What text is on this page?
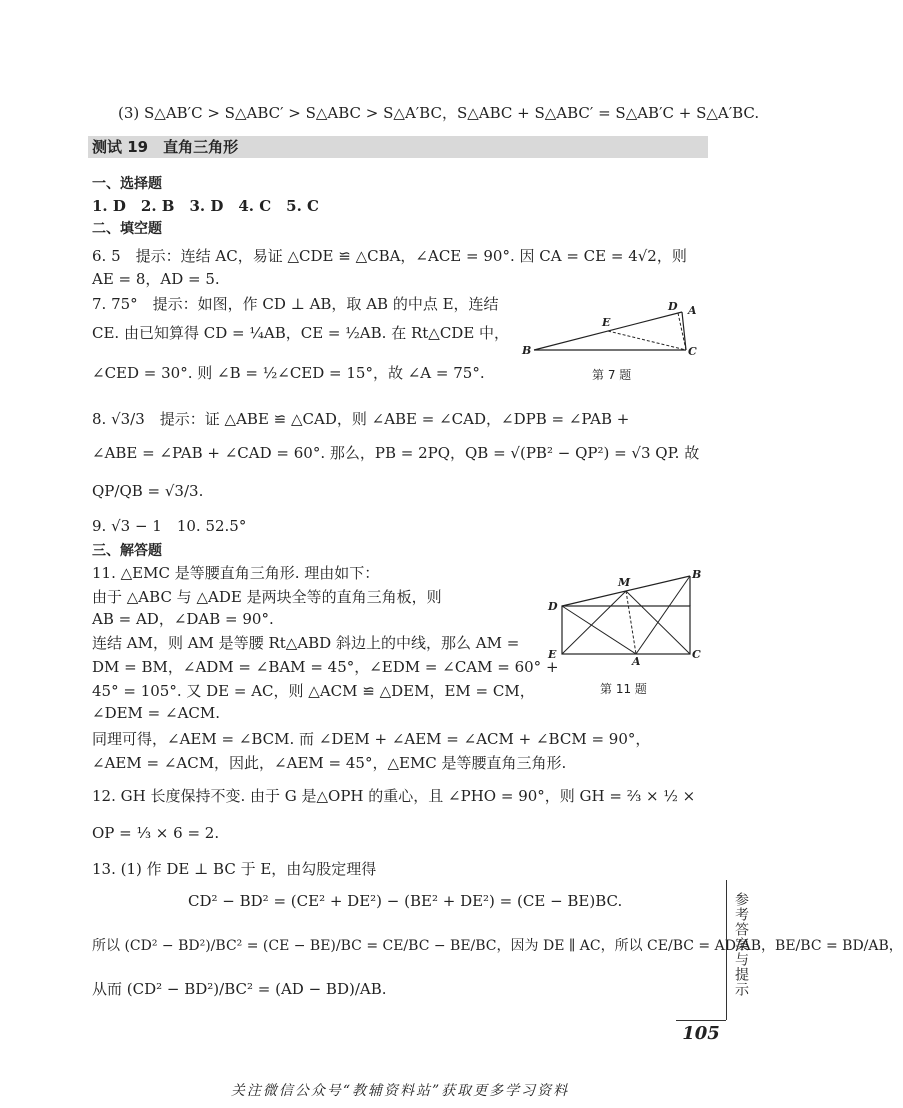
(3) S△AB′C > S△ABC′ > S△ABC > S△A′BC，S△ABC + S△ABC′ = S△AB′C + S△A′BC.
测试 19　直角三角形
一、选择题
1. D　2. B　3. D　4. C　5. C
二、填空题
6. 5　提示：连结 AC，易证 △CDE ≌ △CBA，∠ACE = 90°. 因 CA = CE = 4√2，则
AE = 8，AD = 5.
7. 75°　提示：如图，作 CD ⊥ AB，取 AB 的中点 E，连结
CE. 由已知算得 CD = ¼AB，CE = ½AB. 在 Rt△CDE 中，
∠CED = 30°. 则 ∠B = ½∠CED = 15°，故 ∠A = 75°.
D A
E
B	C
第 7 题
8. √3/3　提示：证 △ABE ≌ △CAD，则 ∠ABE = ∠CAD，∠DPB = ∠PAB +
∠ABE = ∠PAB + ∠CAD = 60°. 那么，PB = 2PQ，QB = √(PB² − QP²) = √3 QP. 故
QP/QB = √3/3.
9. √3 − 1　10. 52.5°
三、解答题
11. △EMC 是等腰直角三角形. 理由如下：
由于 △ABC 与 △ADE 是两块全等的直角三角板，则
AB = AD，∠DAB = 90°.
连结 AM，则 AM 是等腰 Rt△ABD 斜边上的中线，那么 AM =
DM = BM，∠ADM = ∠BAM = 45°，∠EDM = ∠CAM = 60° +
45° = 105°. 又 DE = AC，则 △ACM ≌ △DEM，EM = CM，
∠DEM = ∠ACM.
同理可得，∠AEM = ∠BCM. 而 ∠DEM + ∠AEM = ∠ACM + ∠BCM = 90°，
∠AEM = ∠ACM，因此，∠AEM = 45°，△EMC 是等腰直角三角形.
M
B
D
E
A
C
第 11 题
12. GH 长度保持不变. 由于 G 是△OPH 的重心，且 ∠PHO = 90°，则 GH = ⅔ × ½ ×
OP = ⅓ × 6 = 2.
13. (1) 作 DE ⊥ BC 于 E，由勾股定理得
CD² − BD² = (CE² + DE²) − (BE² + DE²) = (CE − BE)BC.
所以 (CD² − BD²)/BC² = (CE − BE)/BC = CE/BC − BE/BC，因为 DE ∥ AC，所以 CE/BC = AD/AB，BE/BC = BD/AB，
从而 (CD² − BD²)/BC² = (AD − BD)/AB.	参考答案与提示
105
关注微信公众号“教辅资料站”获取更多学习资料
